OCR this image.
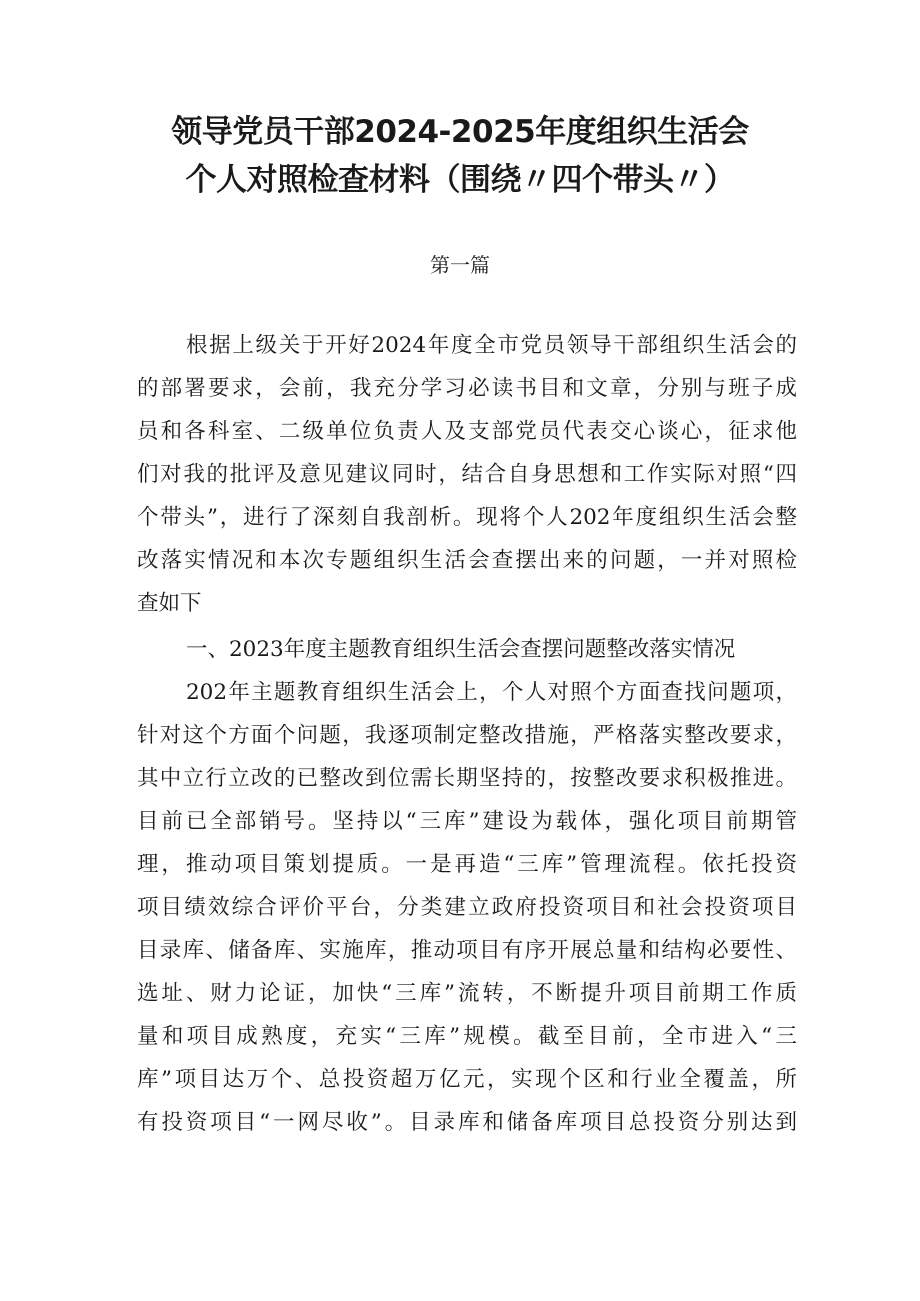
领导党员干部2024-2025年度组织生活会
个人对照检查材料（围绕〃四个带头〃）
第一篇
根据上级关于开好2024年度全市党员领导干部组织生活会的
的部署要求，会前，我充分学习必读书目和文章，分别与班子成
员和各科室、二级单位负责人及支部党员代表交心谈心，征求他
们对我的批评及意见建议同时，结合自身思想和工作实际对照“四
个带头”，进行了深刻自我剖析。现将个人202年度组织生活会整
改落实情况和本次专题组织生活会查摆出来的问题，一并对照检
查如下
一、2023年度主题教育组织生活会查摆问题整改落实情况
202年主题教育组织生活会上，个人对照个方面查找问题项，
针对这个方面个问题，我逐项制定整改措施，严格落实整改要求，
其中立行立改的已整改到位需长期坚持的，按整改要求积极推进。
目前已全部销号。坚持以“三库”建设为载体，强化项目前期管
理，推动项目策划提质。一是再造“三库”管理流程。依托投资
项目绩效综合评价平台，分类建立政府投资项目和社会投资项目
目录库、储备库、实施库，推动项目有序开展总量和结构必要性、
选址、财力论证，加快“三库”流转，不断提升项目前期工作质
量和项目成熟度，充实“三库”规模。截至目前，全市进入“三
库”项目达万个、总投资超万亿元，实现个区和行业全覆盖，所
有投资项目“一网尽收”。目录库和储备库项目总投资分别达到
